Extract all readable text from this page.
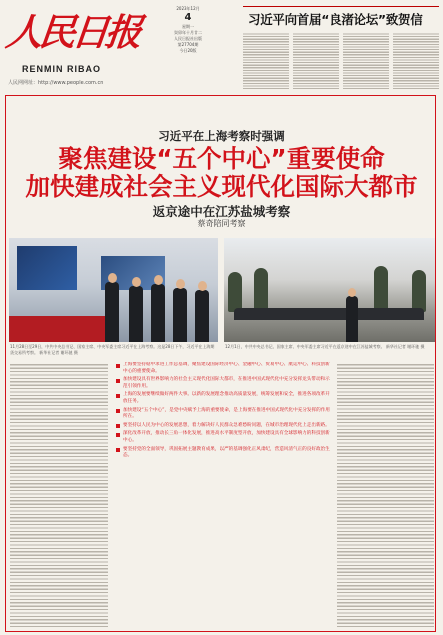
人民日报
RENMIN RIBAO
人民网网址：http://www.people.com.cn
2023年12月
4
星期一
癸卯年十月廿二
人民日报社出版
第27704期
今日20版
习近平向首届“良渚论坛”致贺信
习近平在上海考察时强调
聚焦建设“五个中心”重要使命
加快建成社会主义现代化国际大都市
返京途中在江苏盐城考察
蔡奇陪同考察
11月28日至29日，中共中央总书记、国家主席、中央军委主席习近平在上海考察。这是28日下午，习近平在上海期货交易所考察。 新华社记者 谢环驰 摄
12月1日，中共中央总书记、国家主席、中央军委主席习近平在返京途中在江苏盐城考察。 新华社记者 谢环驰 摄
上海要坚持稳中求进工作总基调，聚焦建设国际经济中心、金融中心、贸易中心、航运中心、科技创新中心的重要使命。
加快建设具有世界影响力的社会主义现代化国际大都市，在推进中国式现代化中充分发挥龙头带动和示范引领作用。
上海的发展要继续做好两件大事。以新的发展理念推动高质量发展，统筹发展和安全，推进各项改革开放任务。
加快建设“五个中心”，是党中央赋予上海的重要使命，是上海要在推进中国式现代化中充分发挥的作用所在。
要坚持以人民为中心的发展思想，着力解决好人民群众急难愁盼问题，在城市治理现代化上走出新路。
深化改革开放，推动长三角一体化发展，推进高水平制度型开放，加快建设具有全球影响力的科技创新中心。
要坚持党的全面领导，巩固拓展主题教育成果，以严的基调强化正风肃纪，营造风清气正的良好政治生态。
